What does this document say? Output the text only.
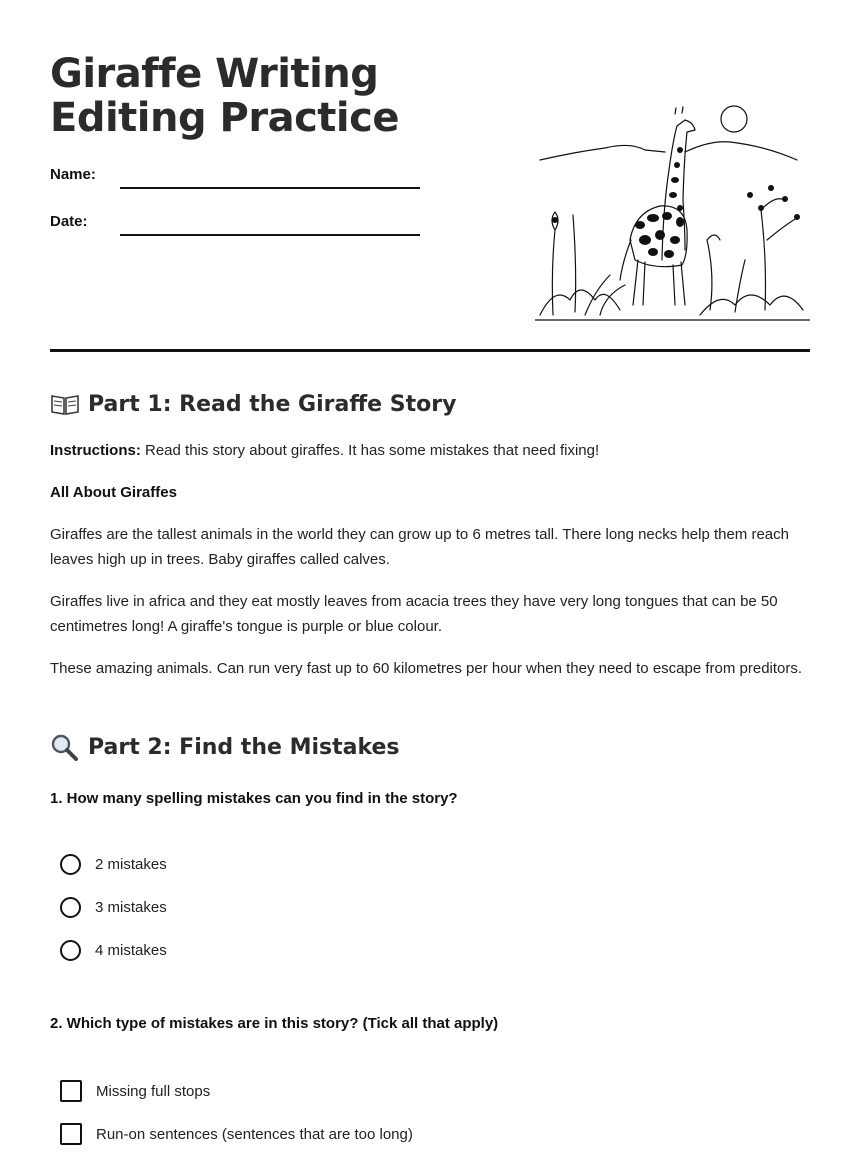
Giraffe Writing Editing Practice
Name:
Date:
Part 1: Read the Giraffe Story

Instructions: Read this story about giraffes. It has some mistakes that need fixing!

All About Giraffes

Giraffes are the tallest animals in the world they can grow up to 6 metres tall. There long necks help them reach leaves high up in trees. Baby giraffes called calves.

Giraffes live in africa and they eat mostly leaves from acacia trees they have very long tongues that can be 50 centimetres long! A giraffe's tongue is purple or blue colour.

These amazing animals. Can run very fast up to 60 kilometres per hour when they need to escape from preditors.

Part 2: Find the Mistakes

1. How many spelling mistakes can you find in the story?

2 mistakes
3 mistakes
4 mistakes

2. Which type of mistakes are in this story? (Tick all that apply)

Missing full stops
Run-on sentences (sentences that are too long)
